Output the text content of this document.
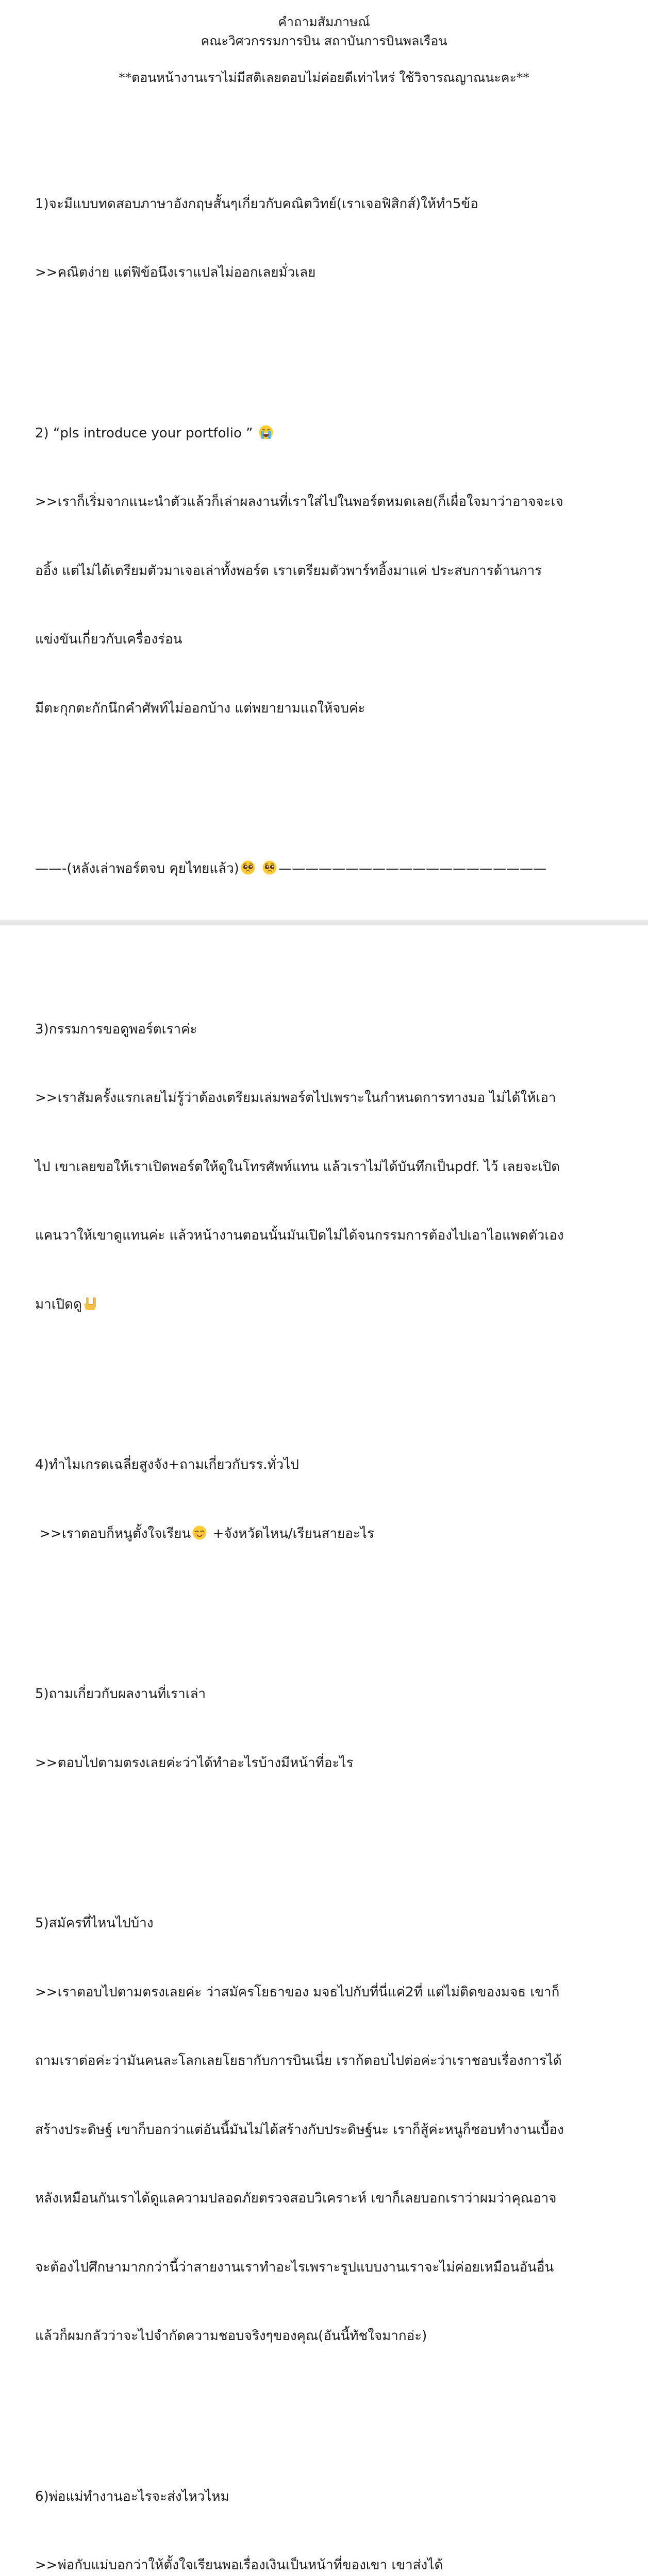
คำถามสัมภาษณ์
คณะวิศวกรรมการบิน สถาบันการบินพลเรือน
**ตอนหน้างานเราไม่มีสติเลยตอบไม่ค่อยดีเท่าไหร่ ใช้วิจารณญาณนะคะ**

1)จะมีแบบทดสอบภาษาอังกฤษสั้นๆเกี่ยวกับคณิตวิทย์(เราเจอฟิสิกส์)ให้ทำ5ข้อ

>>คณิตง่าย แต่ฟิข้อนึงเราแปลไม่ออกเลยมั่วเลย

2) “pls introduce your portfolio ”

>>เราก็เริ่มจากแนะนำตัวแล้วก็เล่าผลงานที่เราใส่ไปในพอร์ตหมดเลย(ก็เผื่อใจมาว่าอาจจะเจ

ออิ้ง แต่ไม่ได้เตรียมตัวมาเจอเล่าทั้งพอร์ต เราเตรียมตัวพาร์ทอิ้งมาแค่ ประสบการด้านการ

แข่งขันเกี่ยวกับเครื่องร่อน

มีตะกุกตะกักนึกคำศัพท์ไม่ออกบ้าง แต่พยายามแถให้จบค่ะ

——-(หลังเล่าพอร์ตจบ คุยไทยแล้ว)
	————————————————————

3)กรรมการขอดูพอร์ตเราค่ะ

>>เราสัมครั้งแรกเลยไม่รู้ว่าต้องเตรียมเล่มพอร์ตไปเพราะในกำหนดการทางมอ ไม่ได้ให้เอา

ไป เขาเลยขอให้เราเปิดพอร์ตให้ดูในโทรศัพท์แทน แล้วเราไม่ได้บันทึกเป็นpdf. ไว้ เลยจะเปิด

แคนวาให้เขาดูแทนค่ะ แล้วหน้างานตอนนั้นมันเปิดไม่ได้จนกรรมการต้องไปเอาไอแพดตัวเอง

มาเปิดดู

4)ทำไมเกรดเฉลี่ยสูงจัง+ถามเกี่ยวกับรร.ทั่วไป

>>เราตอบก็หนูตั้งใจเรียน
+จังหวัดไหน/เรียนสายอะไร

5)ถามเกี่ยวกับผลงานที่เราเล่า

>>ตอบไปตามตรงเลยค่ะว่าได้ทำอะไรบ้างมีหน้าที่อะไร

5)สมัครที่ไหนไปบ้าง

>>เราตอบไปตามตรงเลยค่ะ ว่าสมัครโยธาของ มจธไปกับที่นี่แค่2ที่ แต่ไม่ติดของมจธ เขาก็

ถามเราต่อค่ะว่ามันคนละโลกเลยโยธากับการบินเนี่ย เราก้ตอบไปต่อค่ะว่าเราชอบเรื่องการได้

สร้างประดิษฐ์ เขาก็บอกว่าแต่อันนี้มันไม่ได้สร้างกับประดิษฐ์นะ เราก็สู้ค่ะหนูก็ชอบทำงานเบื้อง

หลังเหมือนกันเราได้ดูแลความปลอดภัยตรวจสอบวิเคราะห์ เขาก็เลยบอกเราว่าผมว่าคุณอาจ

จะต้องไปศึกษามากกว่านี้ว่าสายงานเราทำอะไรเพราะรูปแบบงานเราจะไม่ค่อยเหมือนอันอื่น

แล้วก็ผมกลัวว่าจะไปจำกัดความชอบจริงๆของคุณ(อันนี้ทัชใจมากอ่ะ)

6)พ่อแม่ทำงานอะไรจะส่งไหวไหม

>>พ่อกับแม่บอกว่าให้ตั้งใจเรียนพอเรื่องเงินเป็นหน้าที่ของเขา เขาส่งได้
